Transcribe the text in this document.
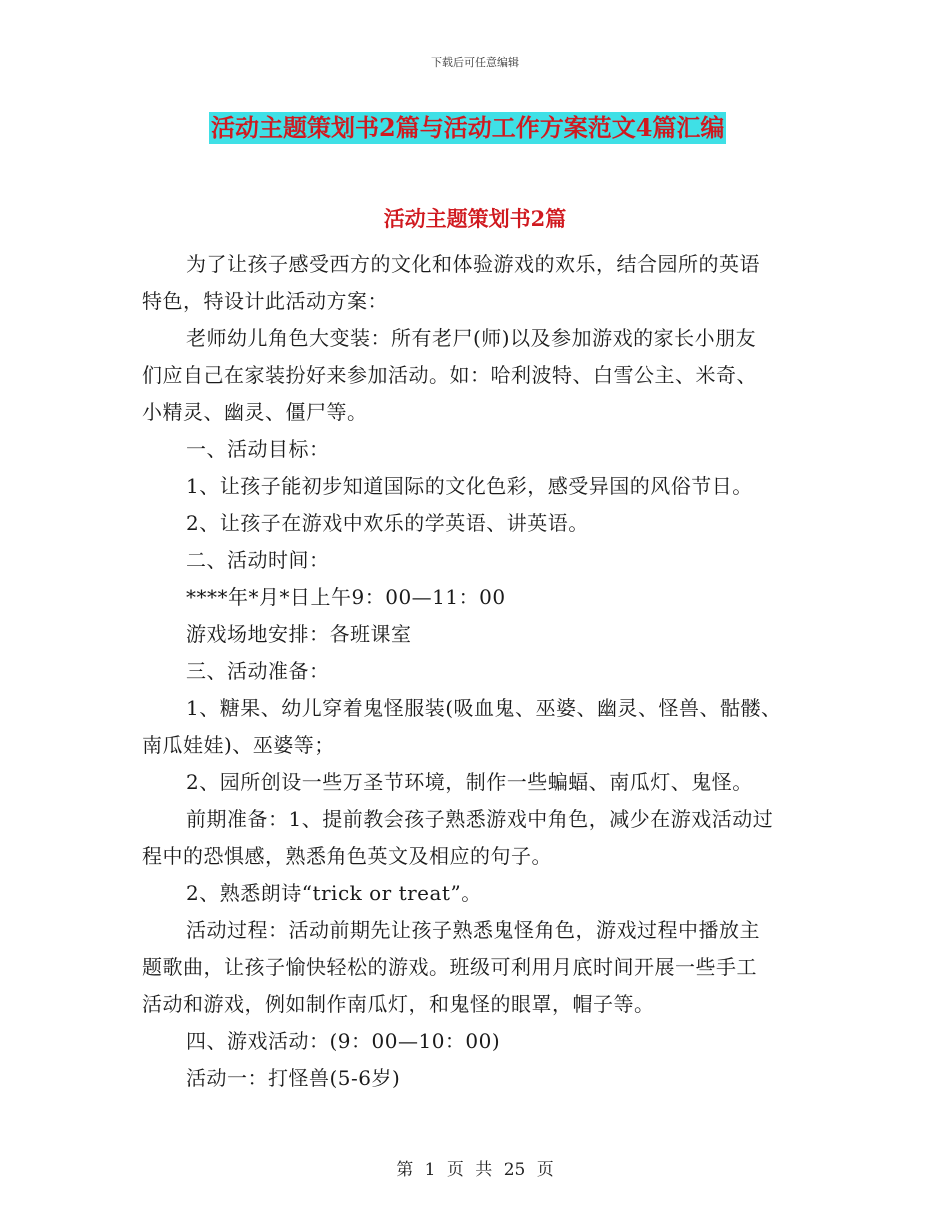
下载后可任意编辑
活动主题策划书2篇与活动工作方案范文4篇汇编
活动主题策划书2篇

为了让孩子感受西方的文化和体验游戏的欢乐，结合园所的英语

特色，特设计此活动方案：

老师幼儿角色大变装：所有老尸(师)以及参加游戏的家长小朋友

们应自己在家装扮好来参加活动。如：哈利波特、白雪公主、米奇、

小精灵、幽灵、僵尸等。

一、活动目标：

1、让孩子能初步知道国际的文化色彩，感受异国的风俗节日。

2、让孩子在游戏中欢乐的学英语、讲英语。

二、活动时间：

****年*月*日上午9：00—11：00

游戏场地安排：各班课室

三、活动准备：

1、糖果、幼儿穿着鬼怪服装(吸血鬼、巫婆、幽灵、怪兽、骷髅、

南瓜娃娃)、巫婆等；

2、园所创设一些万圣节环境，制作一些蝙蝠、南瓜灯、鬼怪。

前期准备：1、提前教会孩子熟悉游戏中角色，减少在游戏活动过

程中的恐惧感，熟悉角色英文及相应的句子。

2、熟悉朗诗“trick or treat”。

活动过程：活动前期先让孩子熟悉鬼怪角色，游戏过程中播放主

题歌曲，让孩子愉快轻松的游戏。班级可利用月底时间开展一些手工

活动和游戏，例如制作南瓜灯，和鬼怪的眼罩，帽子等。

四、游戏活动：(9：00—10：00)

活动一：打怪兽(5-6岁)

第 1 页 共 25 页
